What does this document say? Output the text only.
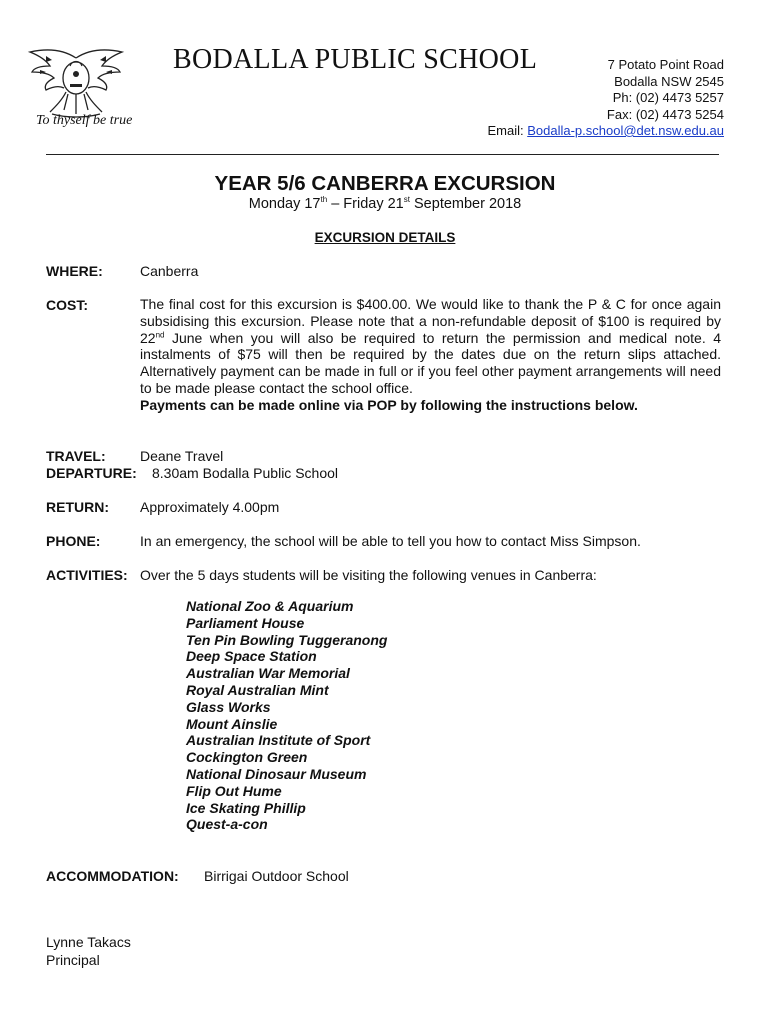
To thyself be true
BODALLA PUBLIC SCHOOL	7 Potato Point Road
Bodalla NSW 2545
Ph: (02) 4473 5257
Fax: (02) 4473 5254
Email: Bodalla-p.school@det.nsw.edu.au
YEAR 5/6 CANBERRA EXCURSION
Monday 17th – Friday 21st September 2018
EXCURSION DETAILS
WHERE:	Canberra
COST:	The final cost for this excursion is $400.00. We would like to thank the P & C for once again subsidising this excursion. Please note that a non-refundable deposit of $100 is required by 22nd June when you will also be required to return the permission and medical note. 4 instalments of $75 will then be required by the dates due on the return slips attached. Alternatively payment can be made in full or if you feel other payment arrangements will need to be made please contact the school office.
Payments can be made online via POP by following the instructions below.
TRAVEL: Deane Travel
DEPARTURE: 8.30am Bodalla Public School
RETURN: Approximately 4.00pm
PHONE:	In an emergency, the school will be able to tell you how to contact Miss Simpson.
ACTIVITIES: Over the 5 days students will be visiting the following venues in Canberra:
National Zoo & Aquarium
Parliament House
Ten Pin Bowling Tuggeranong
Deep Space Station
Australian War Memorial
Royal Australian Mint
Glass Works
Mount Ainslie
Australian Institute of Sport
Cockington Green
National Dinosaur Museum
Flip Out Hume
Ice Skating Phillip
Quest-a-con
ACCOMMODATION: Birrigai Outdoor School
Lynne Takacs
Principal
